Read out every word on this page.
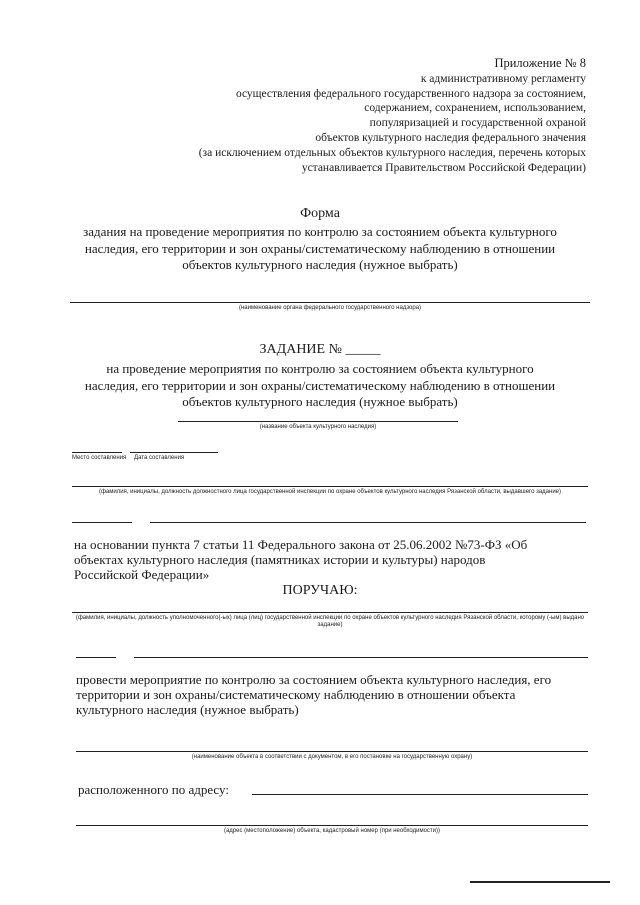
Приложение № 8
к административному регламенту
осуществления федерального государственного надзора за состоянием,
содержанием, сохранением, использованием,
популяризацией и государственной охраной
объектов культурного наследия федерального значения
(за исключением отдельных объектов культурного наследия, перечень которых
устанавливается Правительством Российской Федерации)
Форма
задания на проведение мероприятия по контролю за состоянием объекта культурного
наследия, его территории и зон охраны/систематическому наблюдению в отношении
объектов культурного наследия (нужное выбрать)
(наименование органа федерального государственного надзора)
ЗАДАНИЕ № _____
на проведение мероприятия по контролю за состоянием объекта культурного
наследия, его территории и зон охраны/систематическому наблюдению в отношении
объектов культурного наследия (нужное выбрать)
(название объекта культурного наследия)
Место составления Дата составления
(фамилия, инициалы, должность должностного лица государственной инспекции по охране объектов культурного наследия Рязанской области, выдавшего задание)
на основании пункта 7 статьи 11 Федерального закона от 25.06.2002 №73-ФЗ «Об
объектах культурного наследия (памятниках истории и культуры) народов
Российской Федерации»
ПОРУЧАЮ:
(фамилия, инициалы, должность уполномоченного(-ых) лица (лиц) государственной инспекции по охране объектов культурного наследия Рязанской области, которому (-ым) выдано задание)
провести мероприятие по контролю за состоянием объекта культурного наследия, его
территории и зон охраны/систематическому наблюдению в отношении объекта
культурного наследия (нужное выбрать)
(наименование объекта в соответствии с документом, в его постановке на государственную охрану)
расположенного по адресу:
(адрес (местоположение) объекта, кадастровый номер (при необходимости))
